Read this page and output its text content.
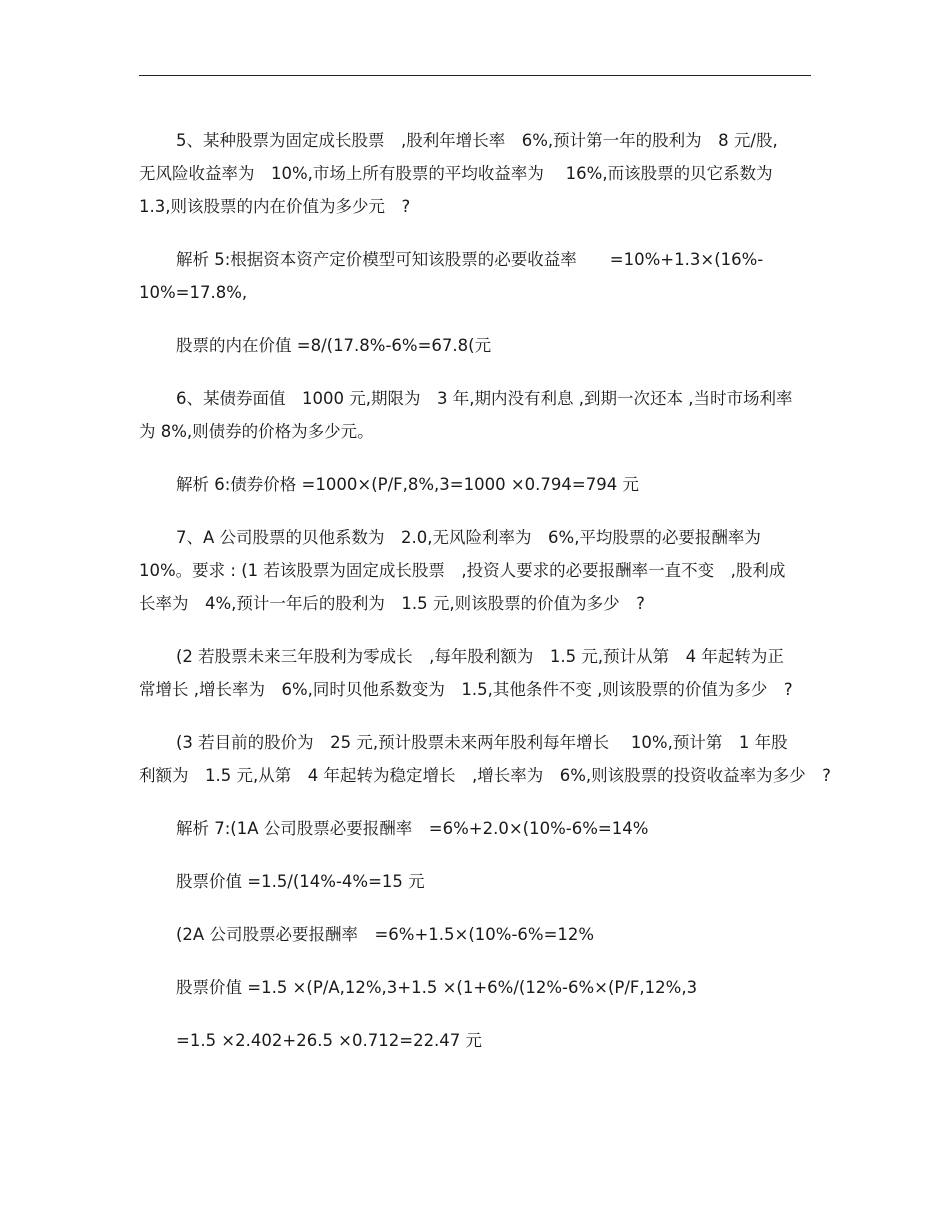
5、某种股票为固定成长股票　,股利年增长率　6%,预计第一年的股利为　8 元/股,
无风险收益率为　10%,市场上所有股票的平均收益率为　 16%,而该股票的贝它系数为
1.3,则该股票的内在价值为多少元　?
解析 5:根据资本资产定价模型可知该股票的必要收益率　　=10%+1.3×(16%-
10%=17.8%,
股票的内在价值 =8/(17.8%-6%=67.8(元
6、某债券面值　1000 元,期限为　3 年,期内没有利息 ,到期一次还本 ,当时市场利率
为 8%,则债券的价格为多少元。
解析 6:债券价格 =1000×(P/F,8%,3=1000 ×0.794=794 元
7、A 公司股票的贝他系数为　2.0,无风险利率为　6%,平均股票的必要报酬率为
10%。要求 : (1 若该股票为固定成长股票　,投资人要求的必要报酬率一直不变　,股利成
长率为　4%,预计一年后的股利为　1.5 元,则该股票的价值为多少　?
(2 若股票未来三年股利为零成长　,每年股利额为　1.5 元,预计从第　4 年起转为正
常增长 ,增长率为　6%,同时贝他系数变为　1.5,其他条件不变 ,则该股票的价值为多少　?
(3 若目前的股价为　25 元,预计股票未来两年股利每年增长　 10%,预计第　1 年股
利额为　1.5 元,从第　4 年起转为稳定增长　,增长率为　6%,则该股票的投资收益率为多少　?
解析 7:(1A 公司股票必要报酬率　=6%+2.0×(10%-6%=14%
股票价值 =1.5/(14%-4%=15 元
(2A 公司股票必要报酬率　=6%+1.5×(10%-6%=12%
股票价值 =1.5 ×(P/A,12%,3+1.5 ×(1+6%/(12%-6%×(P/F,12%,3
=1.5 ×2.402+26.5 ×0.712=22.47 元
